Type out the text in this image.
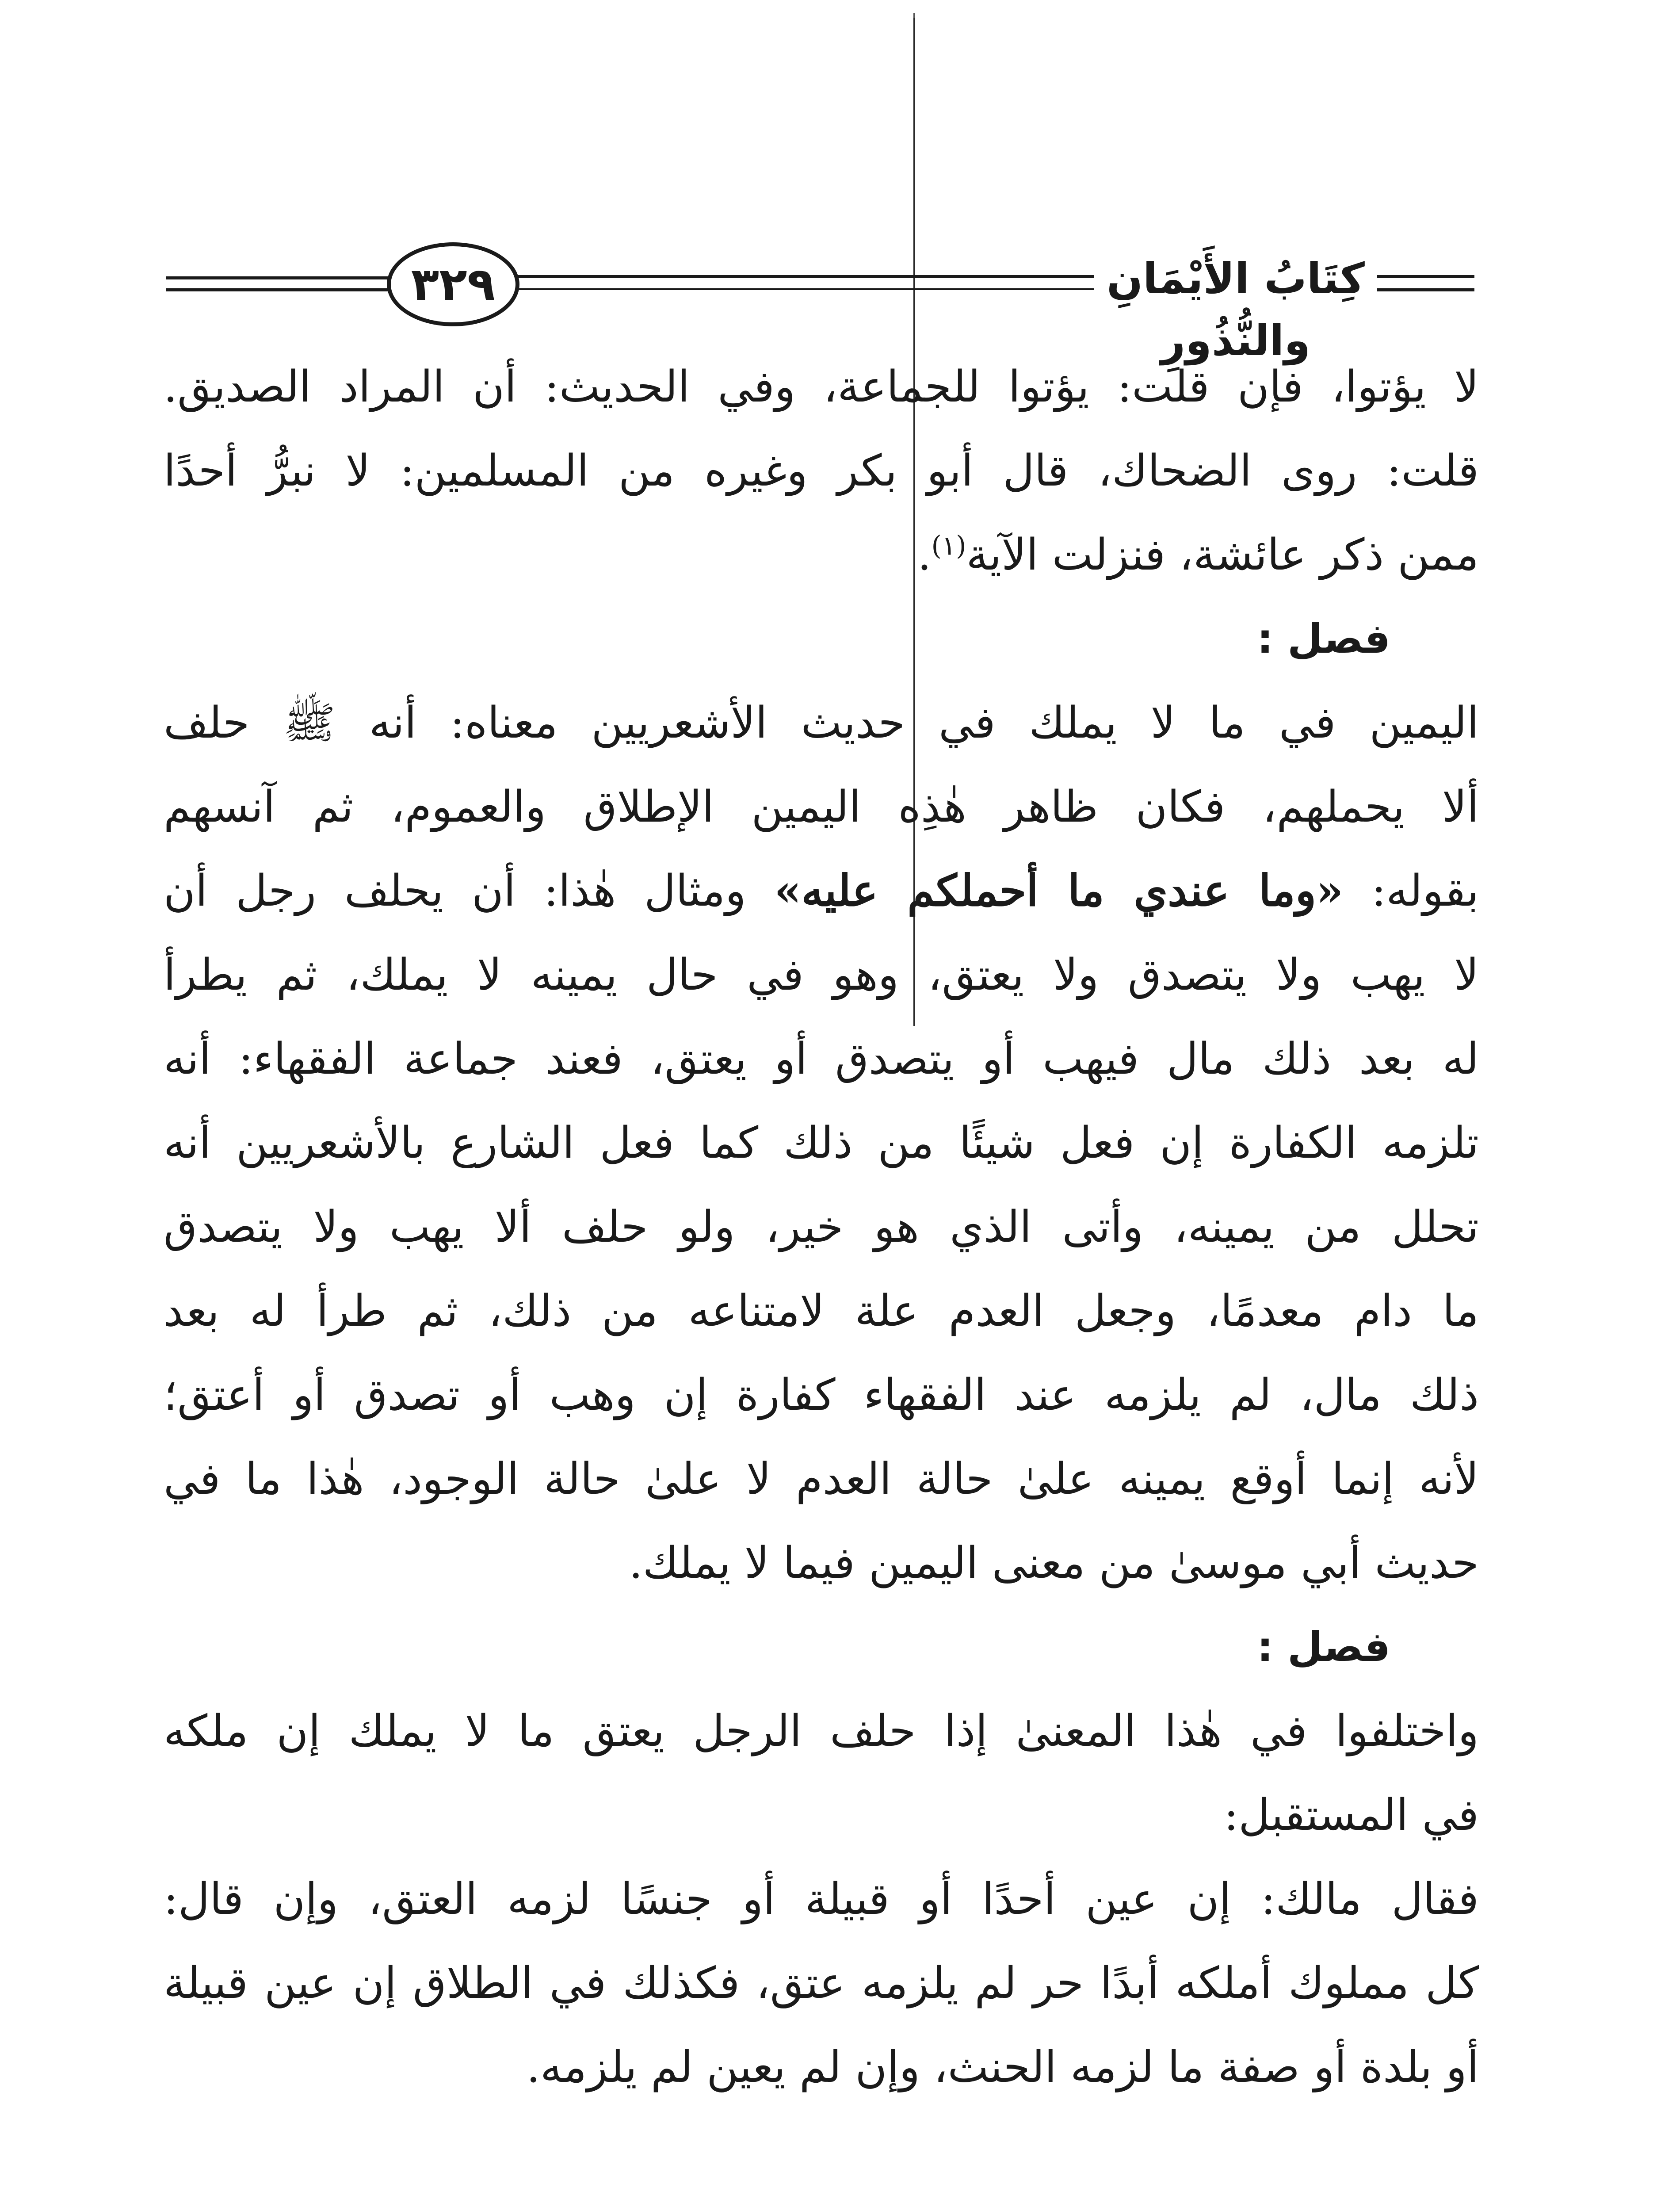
٣٢٩	كِتَابُ الأَيْمَانِ والنُّذُورِ
لا يؤتوا، فإن قلت: يؤتوا للجماعة، وفي الحديث: أن المراد الصديق.
قلت: روى الضحاك، قال أبو بكر وغيره من المسلمين: لا نبرُّ أحدًا
ممن ذكر عائشة، فنزلت الآية$^{(١)}$.
فصل :
اليمين في ما لا يملك في حديث الأشعريين معناه: أنه ﷺ حلف
ألا يحملهم، فكان ظاهر هٰذِه اليمين الإطلاق والعموم، ثم آنسهم
بقوله: «وما عندي ما أحملكم عليه» ومثال هٰذا: أن يحلف رجل أن
لا يهب ولا يتصدق ولا يعتق، وهو في حال يمينه لا يملك، ثم يطرأ
له بعد ذلك مال فيهب أو يتصدق أو يعتق، فعند جماعة الفقهاء: أنه
تلزمه الكفارة إن فعل شيئًا من ذلك كما فعل الشارع بالأشعريين أنه
تحلل من يمينه، وأتى الذي هو خير، ولو حلف ألا يهب ولا يتصدق
ما دام معدمًا، وجعل العدم علة لامتناعه من ذلك، ثم طرأ له بعد
ذلك مال، لم يلزمه عند الفقهاء كفارة إن وهب أو تصدق أو أعتق؛
لأنه إنما أوقع يمينه علىٰ حالة العدم لا علىٰ حالة الوجود، هٰذا ما في
حديث أبي موسىٰ من معنى اليمين فيما لا يملك.
فصل :
واختلفوا في هٰذا المعنىٰ إذا حلف الرجل يعتق ما لا يملك إن ملكه
في المستقبل:
فقال مالك: إن عين أحدًا أو قبيلة أو جنسًا لزمه العتق، وإن قال:
كل مملوك أملكه أبدًا حر لم يلزمه عتق، فكذلك في الطلاق إن عين قبيلة
أو بلدة أو صفة ما لزمه الحنث، وإن لم يعين لم يلزمه.
